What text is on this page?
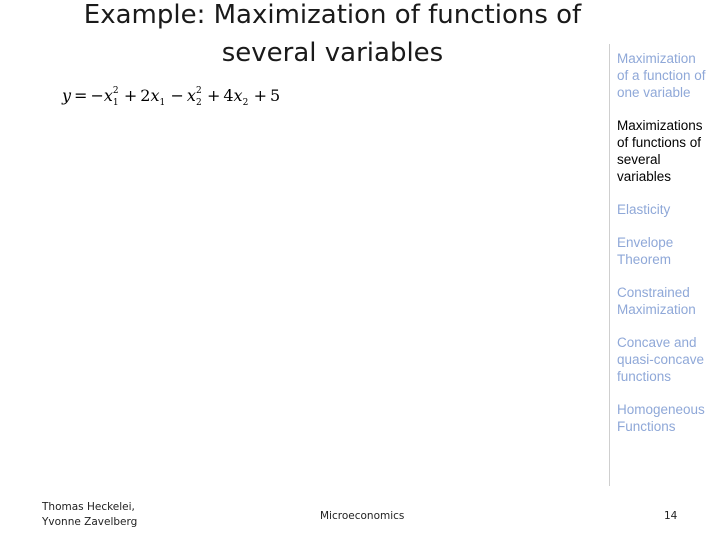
Example: Maximization of functions of
several variables
y = −x 2
1 + 2x 1 − x 2
2 + 4x 2 + 5
Maximization
of a function of
one variable
Maximizations
of functions of
several
variables
Elasticity
Envelope
Theorem
Constrained
Maximization
Concave and
quasi-concave
functions
Homogeneous
Functions
Thomas Heckelei,
Yvonne Zavelberg	Microeconomics	14
